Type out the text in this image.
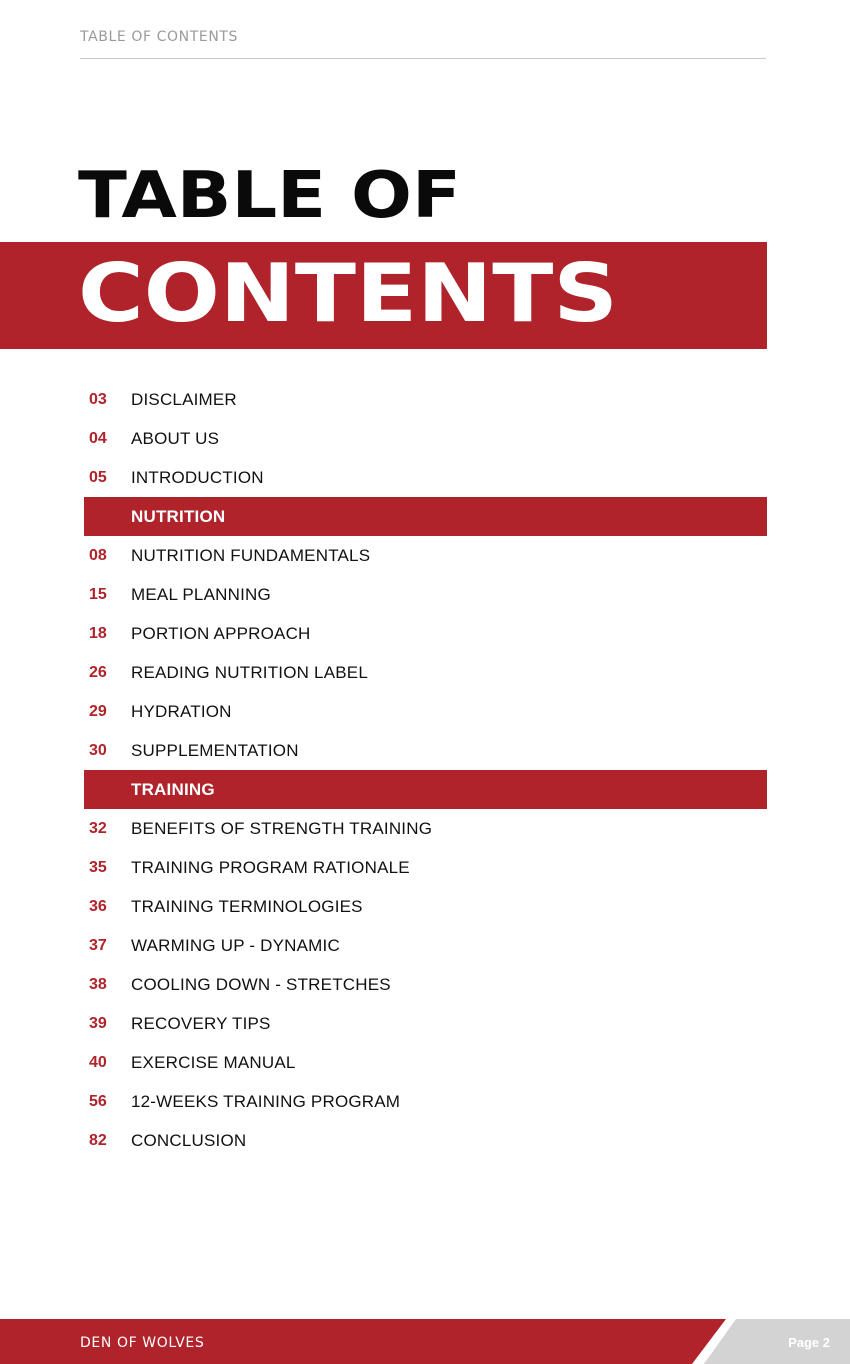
TABLE OF CONTENTS
TABLE OF
CONTENTS
03	DISCLAIMER
04	ABOUT US
05	INTRODUCTION
NUTRITION
08	NUTRITION FUNDAMENTALS
15	MEAL PLANNING
18	PORTION APPROACH
26	READING NUTRITION LABEL
29	HYDRATION
30	SUPPLEMENTATION
TRAINING
32	BENEFITS OF STRENGTH TRAINING
35	TRAINING PROGRAM RATIONALE
36	TRAINING TERMINOLOGIES
37	WARMING UP - DYNAMIC
38	COOLING DOWN - STRETCHES
39	RECOVERY TIPS
40	EXERCISE MANUAL
56	12-WEEKS TRAINING PROGRAM
82	CONCLUSION
DEN OF WOLVES	Page 2
